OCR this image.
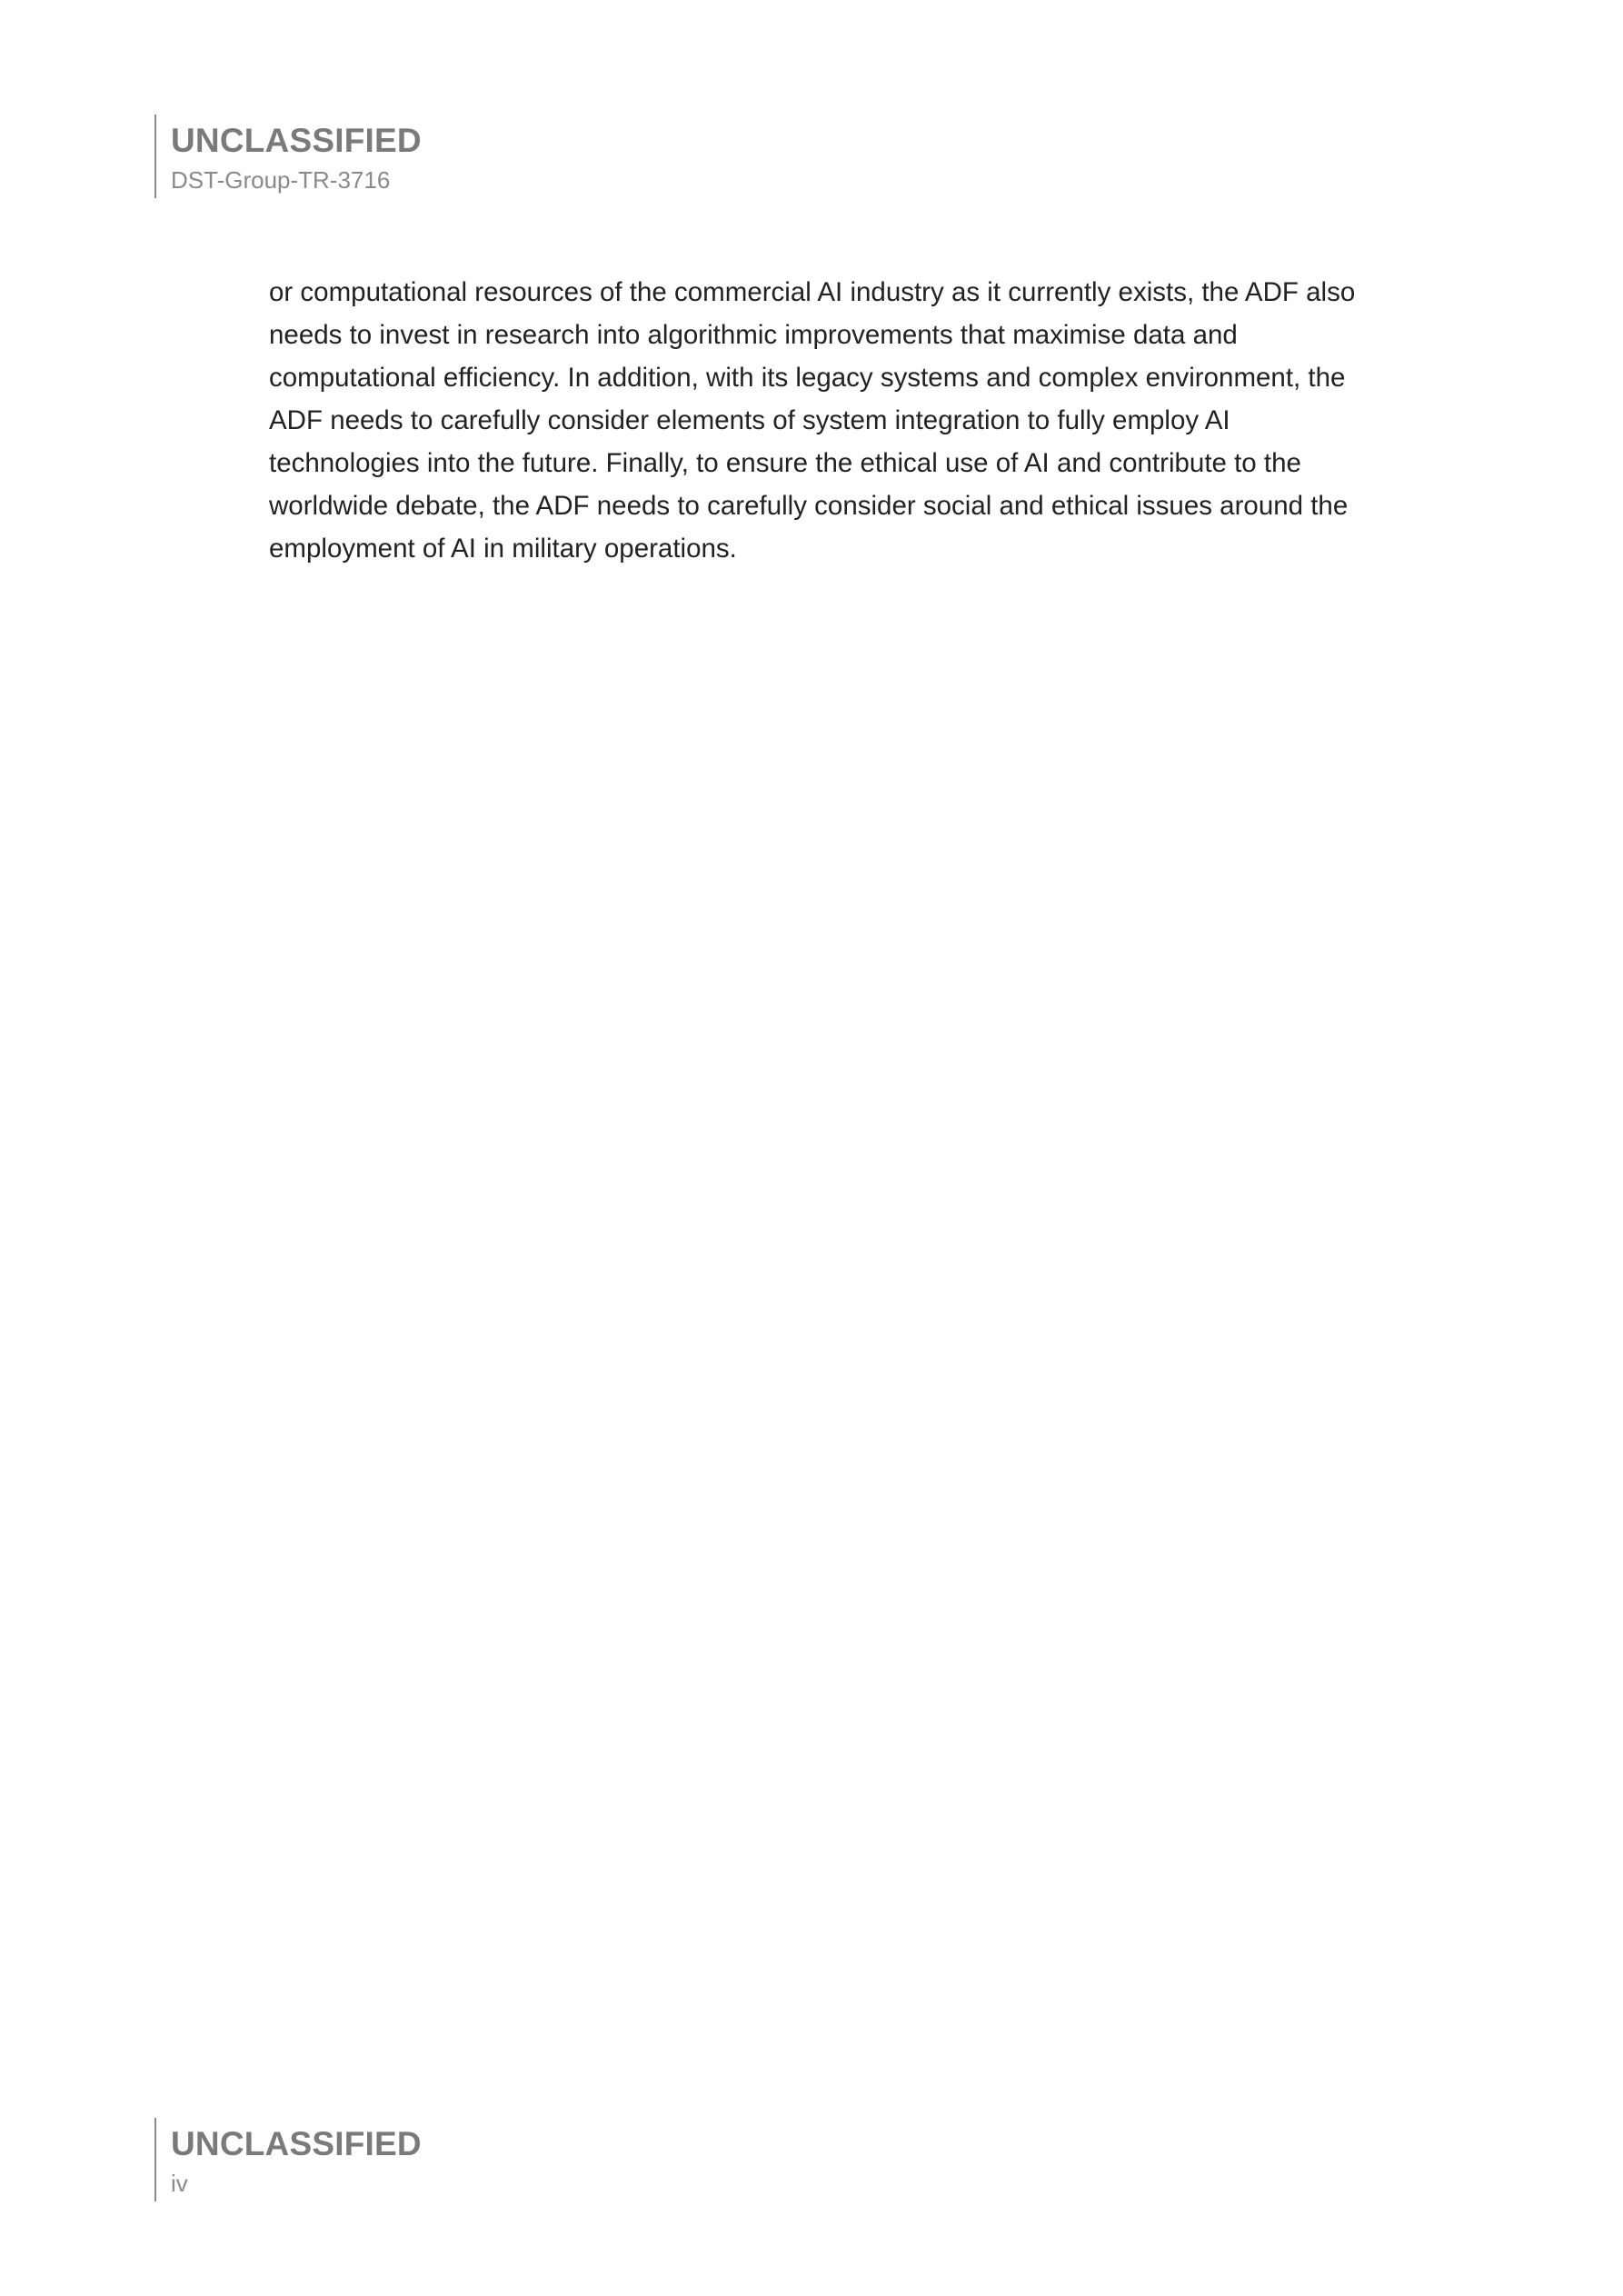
UNCLASSIFIED
DST-Group-TR-3716

or computational resources of the commercial AI industry as it currently exists, the ADF also
needs to invest in research into algorithmic improvements that maximise data and
computational efficiency. In addition, with its legacy systems and complex environment, the
ADF needs to carefully consider elements of system integration to fully employ AI
technologies into the future. Finally, to ensure the ethical use of AI and contribute to the
worldwide debate, the ADF needs to carefully consider social and ethical issues around the
employment of AI in military operations.

UNCLASSIFIED
iv
